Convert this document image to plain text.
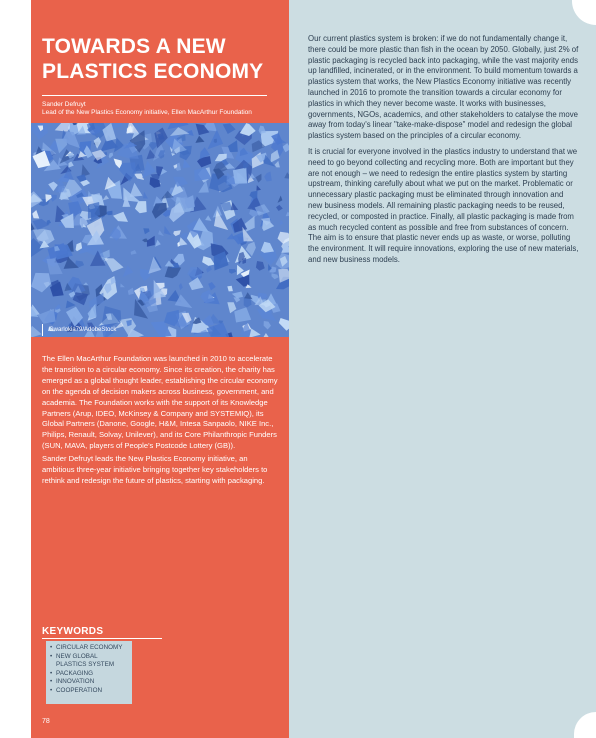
TOWARDS A NEW
PLASTICS ECONOMY
Sander Defruyt
Lead of the New Plastics Economy initiative, Ellen MacArthur Foundation
Gwarlokia79/AdobeStock

The Ellen MacArthur Foundation was launched in 2010 to accelerate the transition to a circular economy. Since its creation, the charity has emerged as a global thought leader, establishing the circular economy on the agenda of decision makers across business, government, and academia. The Foundation works with the support of its Knowledge Partners (Arup, IDEO, McKinsey & Company and SYSTEMIQ), its Global Partners (Danone, Google, H&M, Intesa Sanpaolo, NIKE Inc., Philips, Renault, Solvay, Unilever), and its Core Philanthropic Funders (SUN, MAVA, players of People's Postcode Lottery (GB)).

Sander Defruyt leads the New Plastics Economy initiative, an ambitious three-year initiative bringing together key stakeholders to rethink and redesign the future of plastics, starting with packaging.

KEYWORDS
• CIRCULAR ECONOMY
• NEW GLOBAL PLASTICS SYSTEM
• PACKAGING
• INNOVATION
• COOPERATION
78

Our current plastics system is broken: if we do not fundamentally change it, there could be more plastic than fish in the ocean by 2050. Globally, just 2% of plastic packaging is recycled back into packaging, while the vast majority ends up landfilled, incinerated, or in the environment. To build momentum towards a plastics system that works, the New Plastics Economy initiative was recently launched in 2016 to promote the transition towards a circular economy for plastics in which they never become waste. It works with businesses, governments, NGOs, academics, and other stakeholders to catalyse the move away from today's linear "take-make-dispose" model and redesign the global plastics system based on the principles of a circular economy.

It is crucial for everyone involved in the plastics industry to understand that we need to go beyond collecting and recycling more. Both are important but they are not enough – we need to redesign the entire plastics system by starting upstream, thinking carefully about what we put on the market. Problematic or unnecessary plastic packaging must be eliminated through innovation and new business models. All remaining plastic packaging needs to be reused, recycled, or composted in practice. Finally, all plastic packaging is made from as much recycled content as possible and free from substances of concern. The aim is to ensure that plastic never ends up as waste, or worse, polluting the environment. It will require innovations, exploring the use of new materials, and new business models.
